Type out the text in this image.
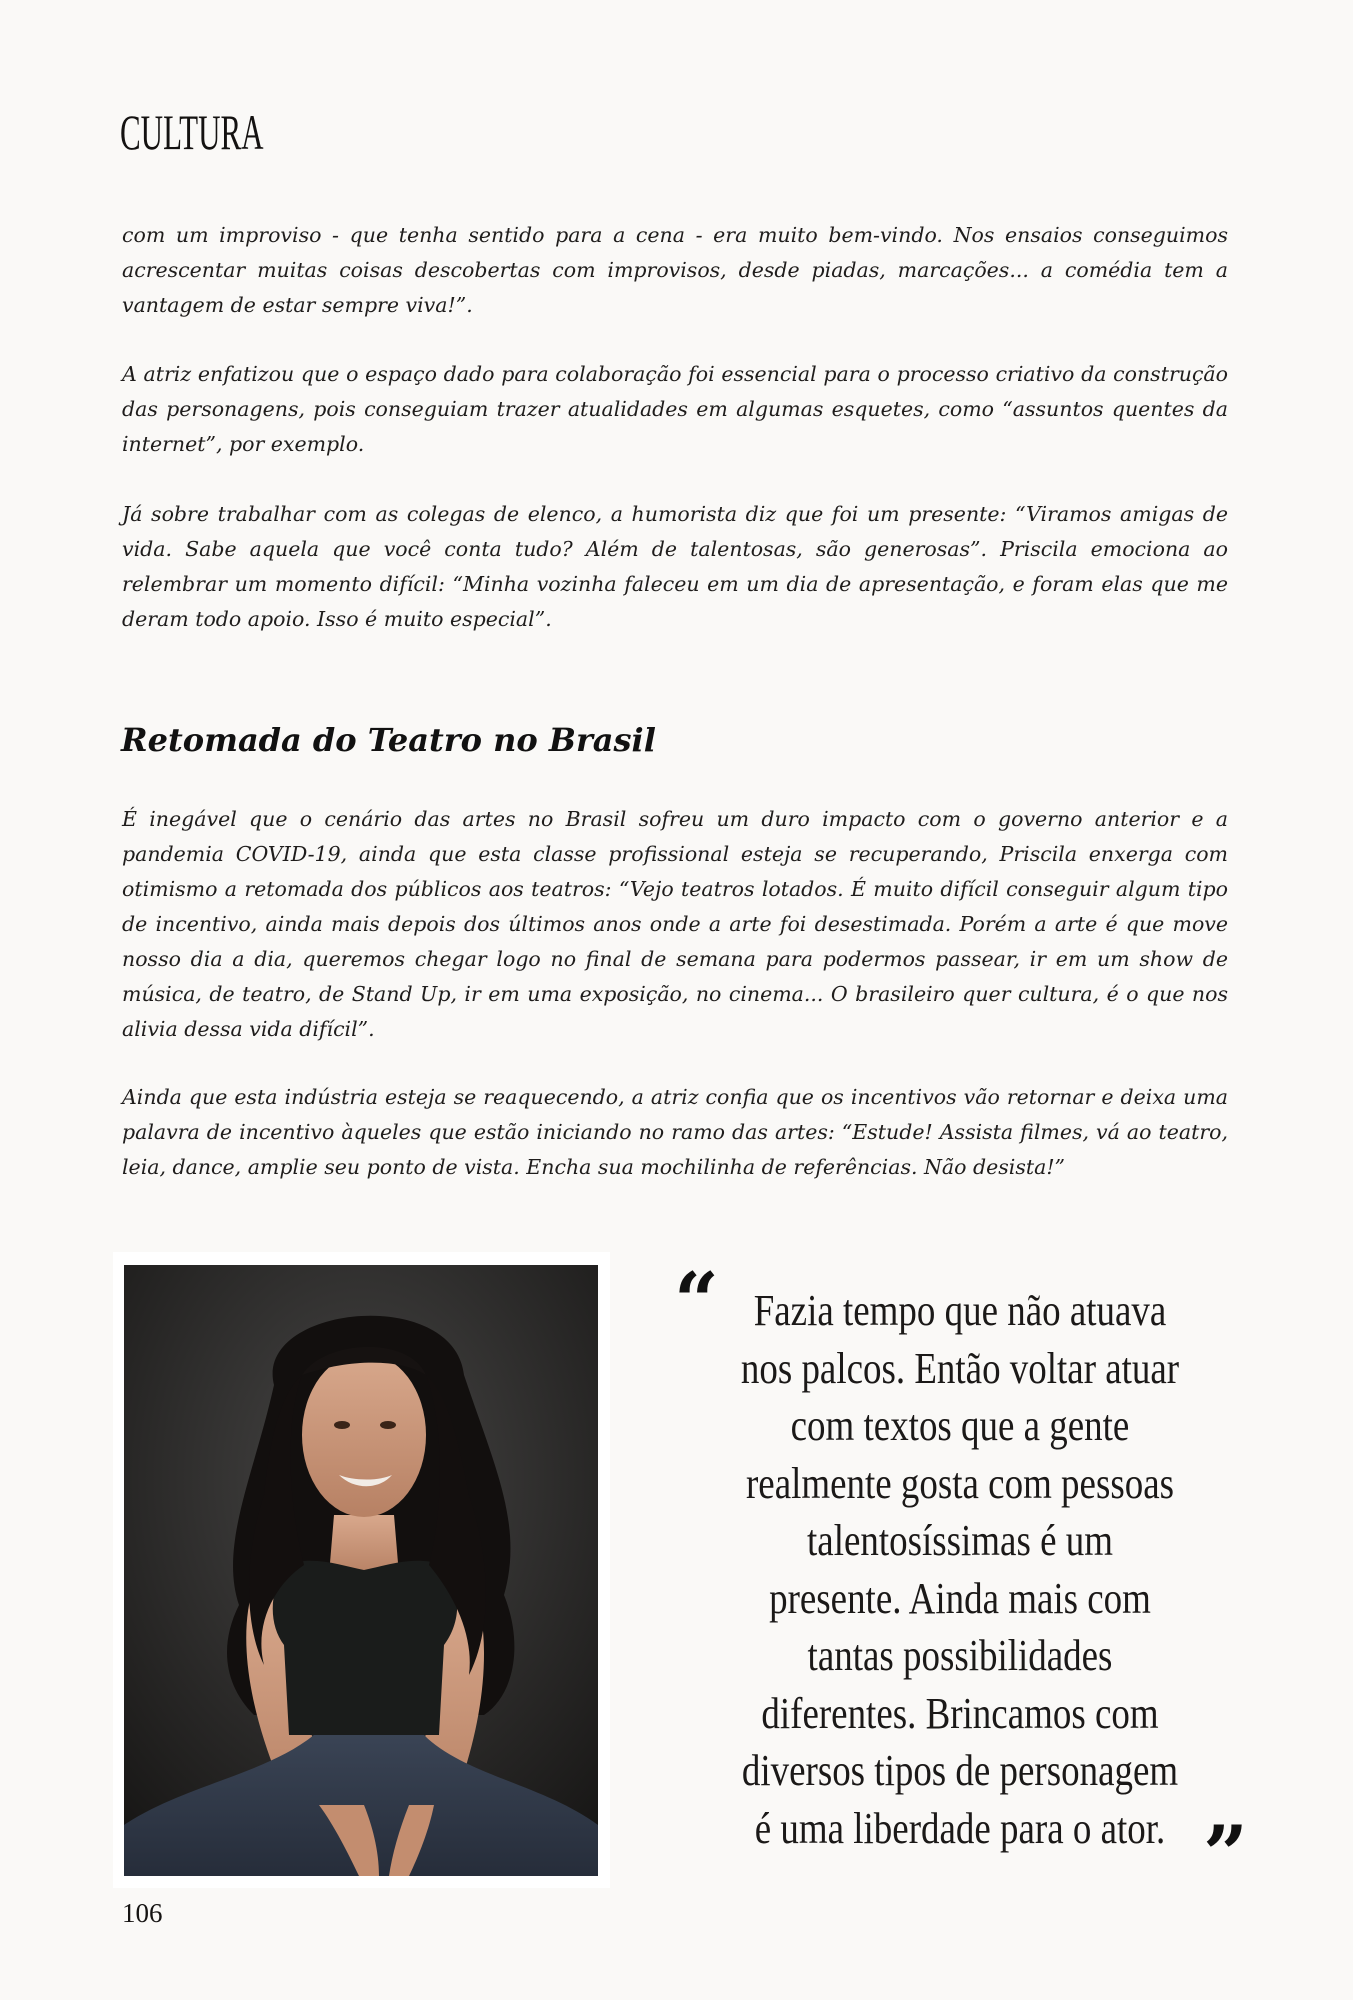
CULTURA

com um improviso - que tenha sentido para a cena - era muito bem-vindo. Nos ensaios conseguimos acrescentar muitas coisas descobertas com improvisos, desde piadas, marcações... a comédia tem a vantagem de estar sempre viva!”.

A atriz enfatizou que o espaço dado para colaboração foi essencial para o processo criativo da construção das personagens, pois conseguiam trazer atualidades em algumas esquetes, como “assuntos quentes da internet”, por exemplo.

Já sobre trabalhar com as colegas de elenco, a humorista diz que foi um presente: “Viramos amigas de vida. Sabe aquela que você conta tudo? Além de talentosas, são generosas”. Priscila emociona ao relembrar um momento difícil: “Minha vozinha faleceu em um dia de apresentação, e foram elas que me deram todo apoio. Isso é muito especial”.

Retomada do Teatro no Brasil

É inegável que o cenário das artes no Brasil sofreu um duro impacto com o governo anterior e a pandemia COVID-19, ainda que esta classe profissional esteja se recuperando, Priscila enxerga com otimismo a retomada dos públicos aos teatros: “Vejo teatros lotados. É muito difícil conseguir algum tipo de incentivo, ainda mais depois dos últimos anos onde a arte foi desestimada. Porém a arte é que move nosso dia a dia, queremos chegar logo no final de semana para podermos passear, ir em um show de música, de teatro, de Stand Up, ir em uma exposição, no cinema... O brasileiro quer cultura, é o que nos alivia dessa vida difícil”.

Ainda que esta indústria esteja se reaquecendo, a atriz confia que os incentivos vão retornar e deixa uma palavra de incentivo àqueles que estão iniciando no ramo das artes: “Estude! Assista filmes, vá ao teatro, leia, dance, amplie seu ponto de vista. Encha sua mochilinha de referências. Não desista!”

“ Fazia tempo que não atuava
nos palcos. Então voltar atuar
com textos que a gente
realmente gosta com pessoas
talentosíssimas é um
presente. Ainda mais com
tantas possibilidades
diferentes. Brincamos com
diversos tipos de personagem
é uma liberdade para o ator. ”
106
